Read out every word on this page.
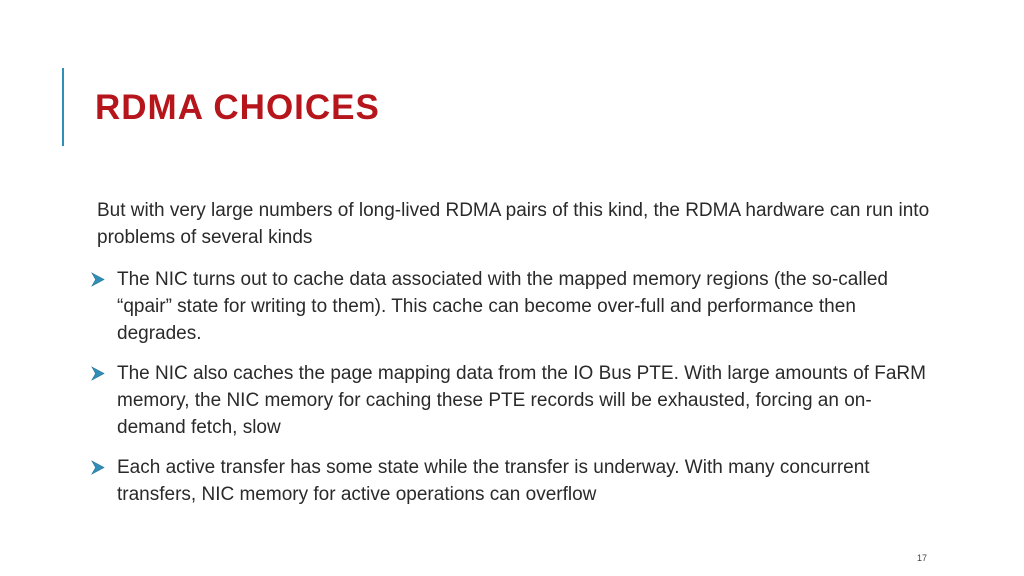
RDMA CHOICES

But with very large numbers of long-lived RDMA pairs of this kind, the RDMA hardware can run into problems of several kinds

The NIC turns out to cache data associated with the mapped memory regions (the so-called “qpair” state for writing to them). This cache can become over-full and performance then degrades.
The NIC also caches the page mapping data from the IO Bus PTE. With large amounts of FaRM memory, the NIC memory for caching these PTE records will be exhausted, forcing an on-demand fetch, slow
Each active transfer has some state while the transfer is underway. With many concurrent transfers, NIC memory for active operations can overflow
17
